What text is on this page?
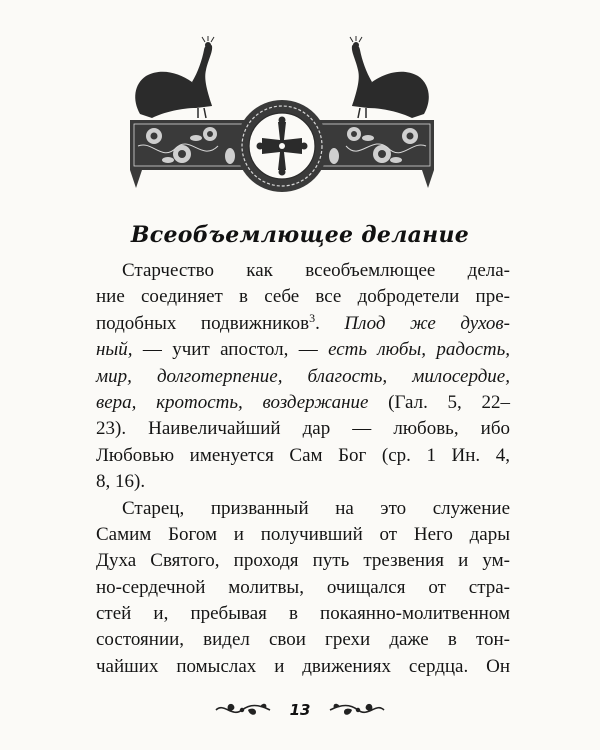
Всеобъемлющее делание
Старчество как всеобъемлющее дела-
ние соединяет в себе все добродетели пре-
подобных подвижников$^3$. Плод же духов-
ный, — учит апостол, — есть любы, радость,
мир, долготерпение, благость, милосердие,
вера, кротость, воздержание (Гал. 5, 22–
23). Наивеличайший дар — любовь, ибо
Любовью именуется Сам Бог (ср. 1 Ин. 4,
8, 16).
Старец, призванный на это служение
Самим Богом и получивший от Него дары
Духа Святого, проходя путь трезвения и ум-
но-сердечной молитвы, очищался от стра-
стей и, пребывая в покаянно-молитвенном
состоянии, видел свои грехи даже в тон-
чайших помыслах и движениях сердца. Он
13
